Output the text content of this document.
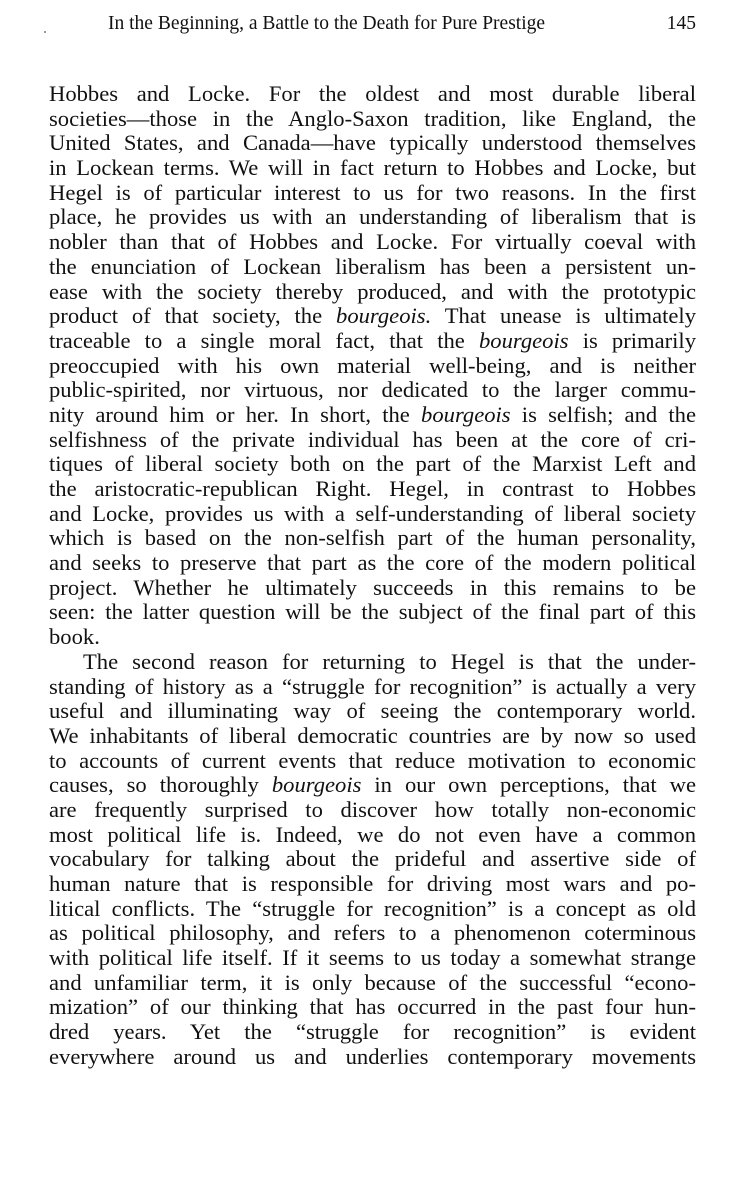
In the Beginning, a Battle to the Death for Pure Prestige	145
Hobbes and Locke. For the oldest and most durable liberal
societies—those in the Anglo-Saxon tradition, like England, the
United States, and Canada—have typically understood themselves
in Lockean terms. We will in fact return to Hobbes and Locke, but
Hegel is of particular interest to us for two reasons. In the first
place, he provides us with an understanding of liberalism that is
nobler than that of Hobbes and Locke. For virtually coeval with
the enunciation of Lockean liberalism has been a persistent un-
ease with the society thereby produced, and with the prototypic
product of that society, the bourgeois. That unease is ultimately
traceable to a single moral fact, that the bourgeois is primarily
preoccupied with his own material well-being, and is neither
public-spirited, nor virtuous, nor dedicated to the larger commu-
nity around him or her. In short, the bourgeois is selfish; and the
selfishness of the private individual has been at the core of cri-
tiques of liberal society both on the part of the Marxist Left and
the aristocratic-republican Right. Hegel, in contrast to Hobbes
and Locke, provides us with a self-understanding of liberal society
which is based on the non-selfish part of the human personality,
and seeks to preserve that part as the core of the modern political
project. Whether he ultimately succeeds in this remains to be
seen: the latter question will be the subject of the final part of this
book.
The second reason for returning to Hegel is that the under-
standing of history as a “struggle for recognition” is actually a very
useful and illuminating way of seeing the contemporary world.
We inhabitants of liberal democratic countries are by now so used
to accounts of current events that reduce motivation to economic
causes, so thoroughly bourgeois in our own perceptions, that we
are frequently surprised to discover how totally non-economic
most political life is. Indeed, we do not even have a common
vocabulary for talking about the prideful and assertive side of
human nature that is responsible for driving most wars and po-
litical conflicts. The “struggle for recognition” is a concept as old
as political philosophy, and refers to a phenomenon coterminous
with political life itself. If it seems to us today a somewhat strange
and unfamiliar term, it is only because of the successful “econo-
mization” of our thinking that has occurred in the past four hun-
dred years. Yet the “struggle for recognition” is evident
everywhere around us and underlies contemporary movements
